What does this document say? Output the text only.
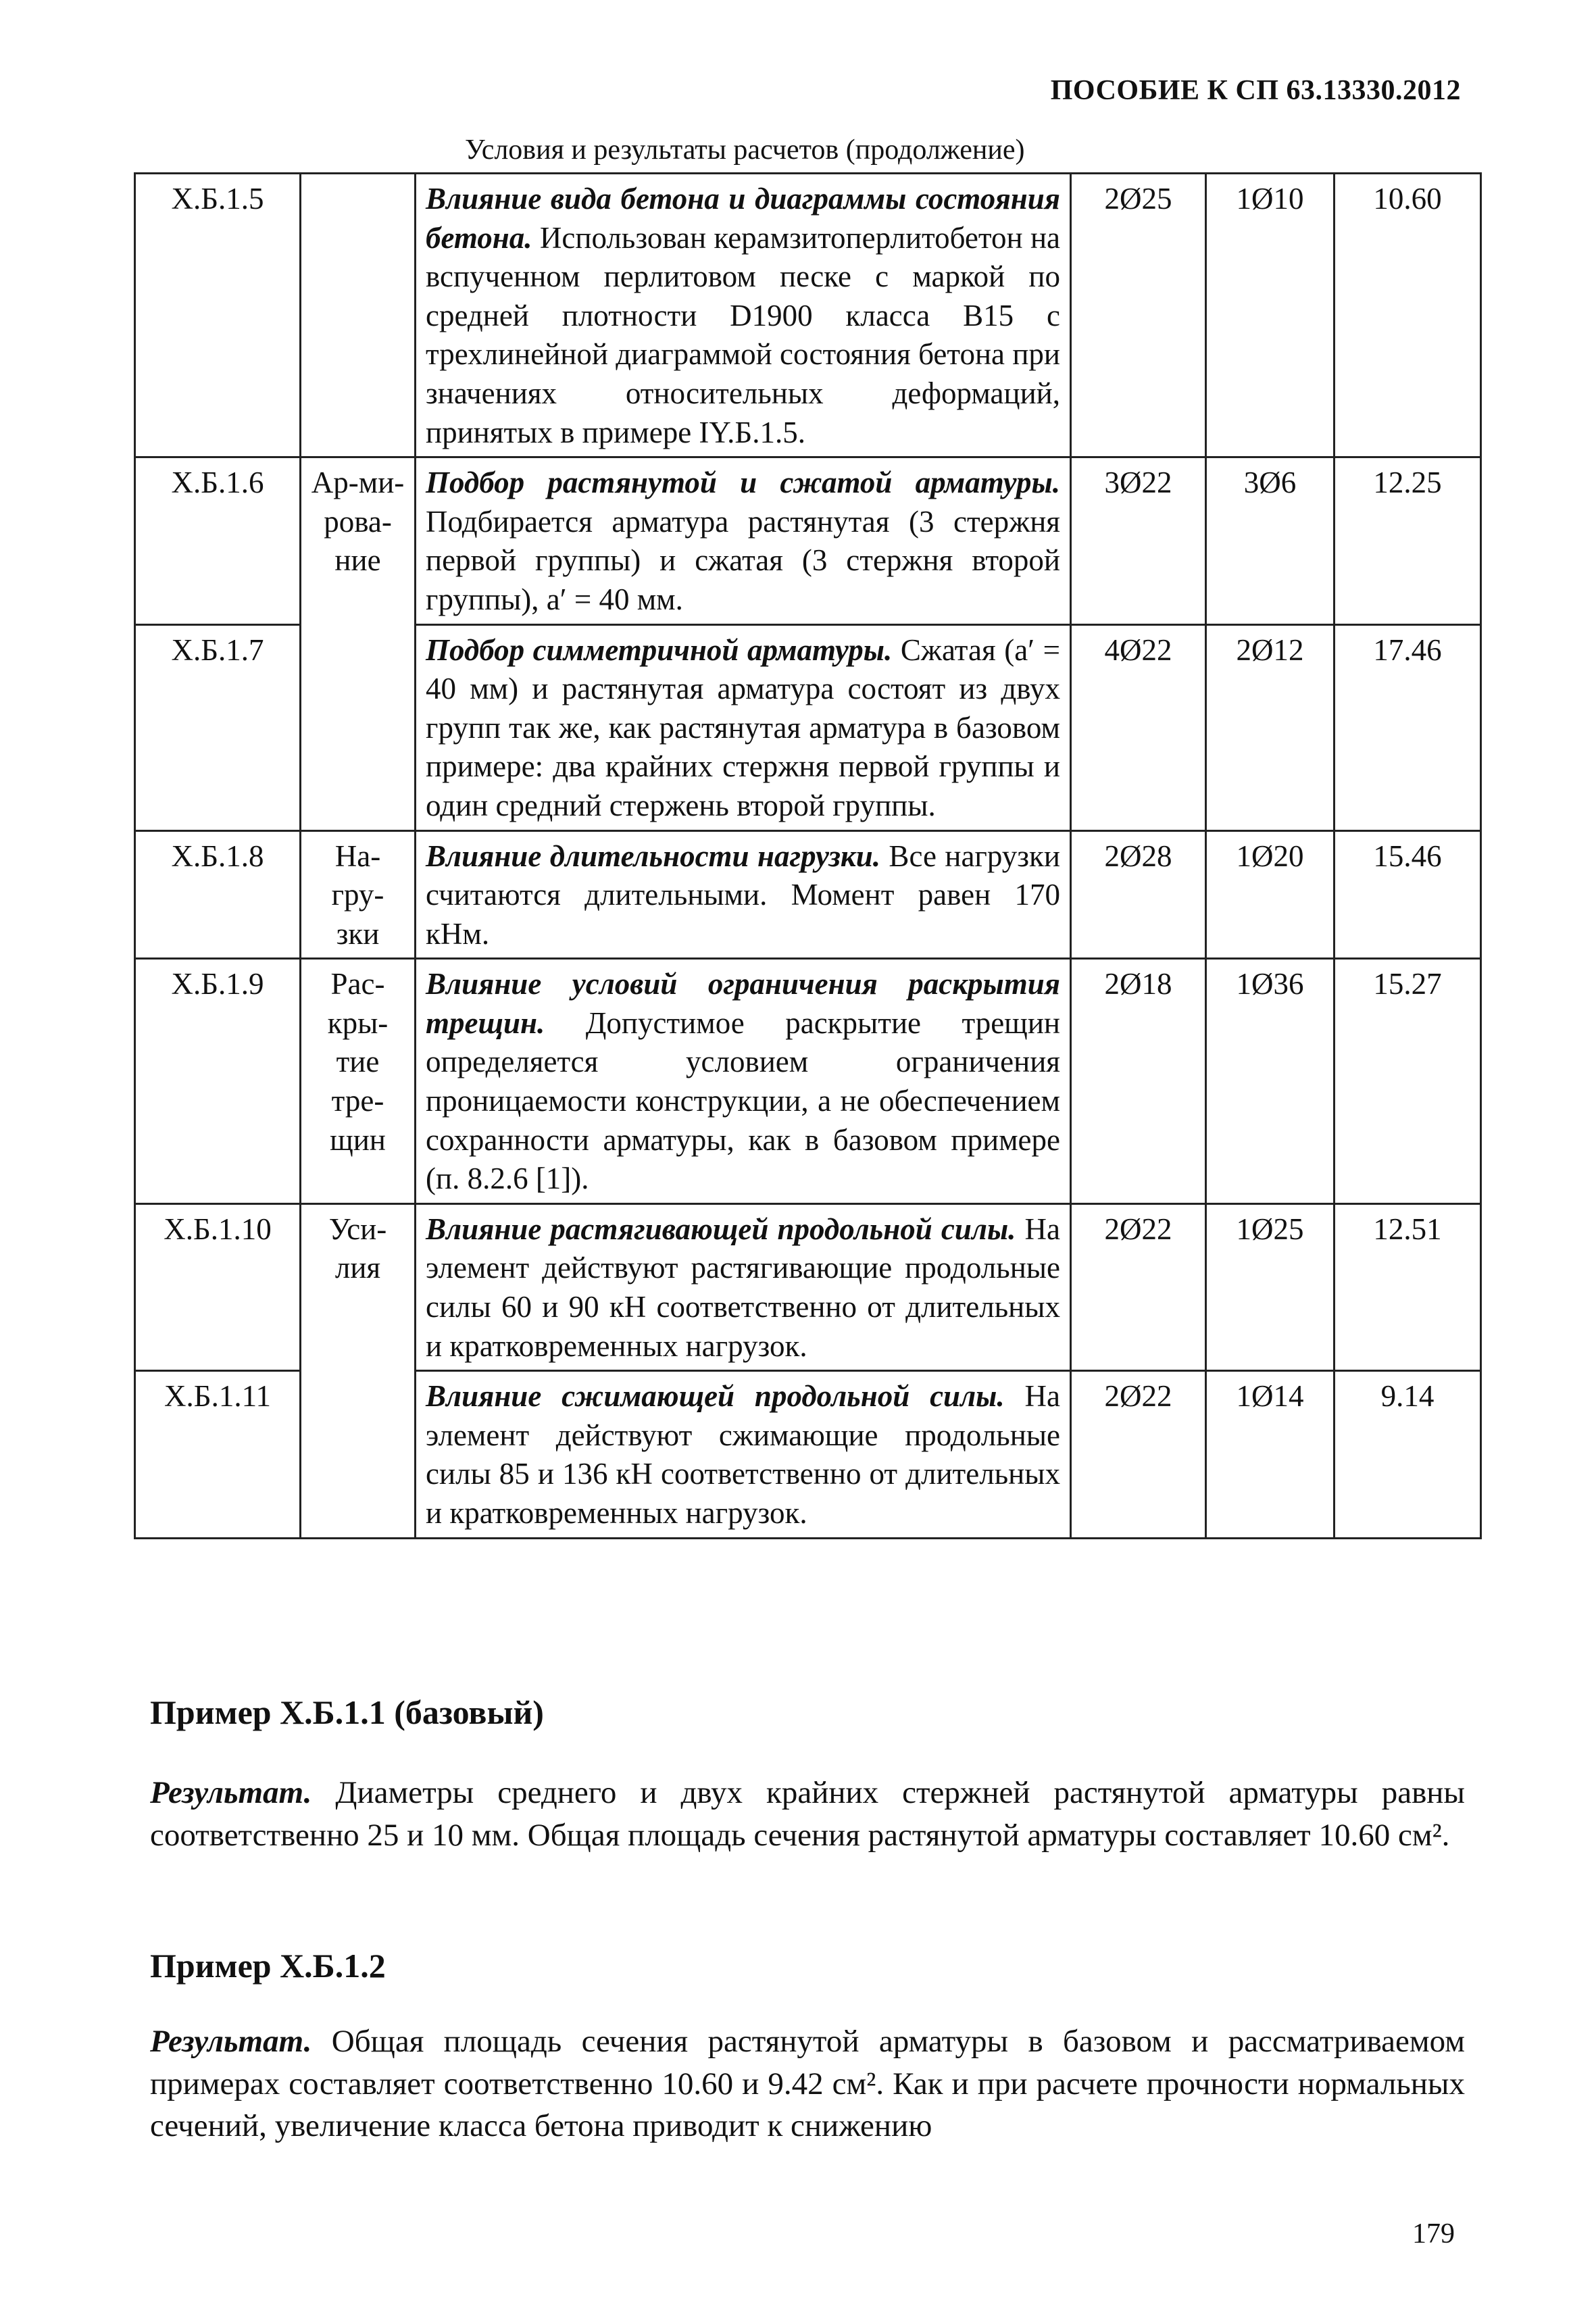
ПОСОБИЕ К СП 63.13330.2012
Условия и результаты расчетов (продолжение)
Х.Б.1.5		Влияние вида бетона и диаграммы состояния бетона. Использован керамзитоперлитобетон на вспученном перлитовом песке с маркой по средней плотности D1900 класса B15 с трехлинейной диаграммой состояния бетона при значениях относительных деформаций, принятых в примере IY.Б.1.5.	2Ø25	1Ø10	10.60
Х.Б.1.6	Ар-ми-рова-ние	Подбор растянутой и сжатой арматуры. Подбирается арматура растянутая (3 стержня первой группы) и сжатая (3 стержня второй группы), a′ = 40 мм.	3Ø22	3Ø6	12.25
Х.Б.1.7		Подбор симметричной арматуры. Сжатая (a′ = 40 мм) и растянутая арматура состоят из двух групп так же, как растянутая арматура в базовом примере: два крайних стержня первой группы и один средний стержень второй группы.	4Ø22	2Ø12	17.46
Х.Б.1.8	На-гру-зки	Влияние длительности нагрузки. Все нагрузки считаются длительными. Момент равен 170 кНм.	2Ø28	1Ø20	15.46
Х.Б.1.9	Рас-кры-тие тре-щин	Влияние условий ограничения раскрытия трещин. Допустимое раскрытие трещин определяется условием ограничения проницаемости конструкции, а не обеспечением сохранности арматуры, как в базовом примере (п. 8.2.6 [1]).	2Ø18	1Ø36	15.27
Х.Б.1.10	Уси-лия	Влияние растягивающей продольной силы. На элемент действуют растягивающие продольные силы 60 и 90 кН соответственно от длительных и кратковременных нагрузок.	2Ø22	1Ø25	12.51
Х.Б.1.11		Влияние сжимающей продольной силы. На элемент действуют сжимающие продольные силы 85 и 136 кН соответственно от длительных и кратковременных нагрузок.	2Ø22	1Ø14	9.14
Пример Х.Б.1.1 (базовый)
Результат. Диаметры среднего и двух крайних стержней растянутой арматуры равны соответственно 25 и 10 мм. Общая площадь сечения растянутой арматуры составляет 10.60 см².
Пример Х.Б.1.2
Результат. Общая площадь сечения растянутой арматуры в базовом и рассматриваемом примерах составляет соответственно 10.60 и 9.42 см². Как и при расчете прочности нормальных сечений, увеличение класса бетона приводит к снижению
179
